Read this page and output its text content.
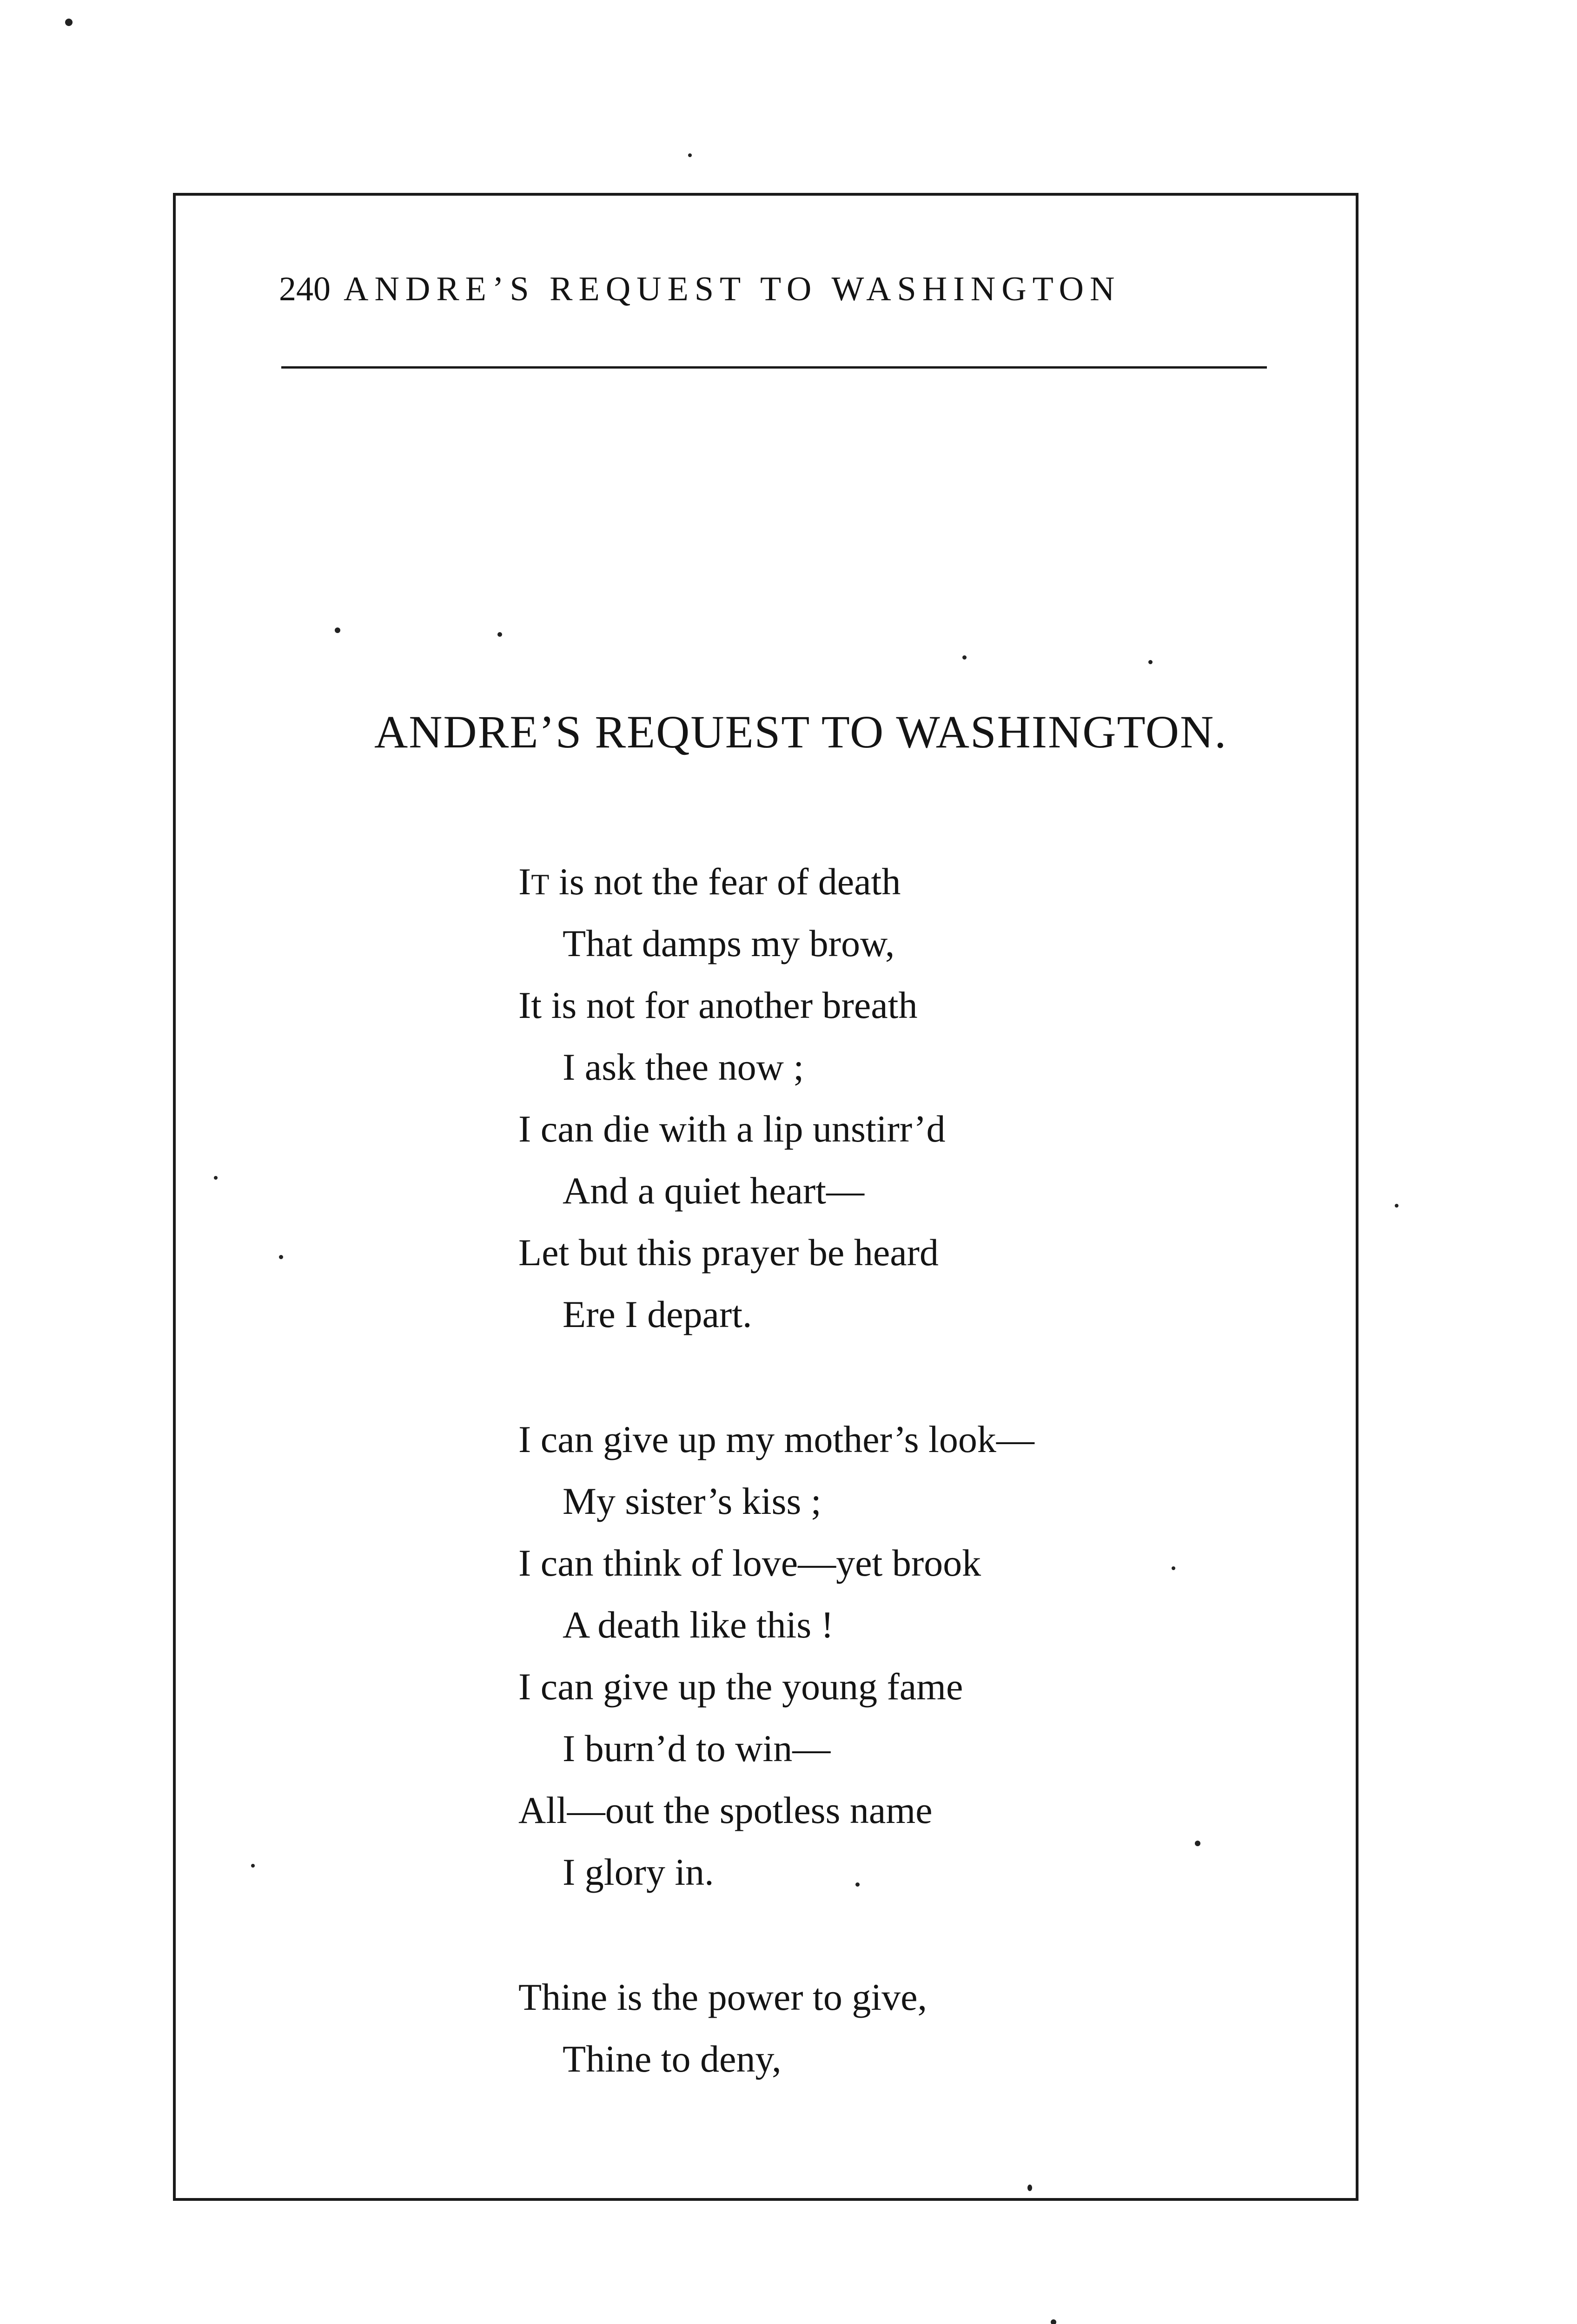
240 ANDRE’S REQUEST TO WASHINGTON
ANDRE’S REQUEST TO WASHINGTON.
IT is not the fear of death
That damps my brow,
It is not for another breath
I ask thee now ;
I can die with a lip unstirr’d
And a quiet heart—
Let but this prayer be heard
Ere I depart.
I can give up my mother’s look—
My sister’s kiss ;
I can think of love—yet brook
A death like this !
I can give up the young fame
I burn’d to win—
All—out the spotless name
I glory in.
Thine is the power to give,
Thine to deny,
